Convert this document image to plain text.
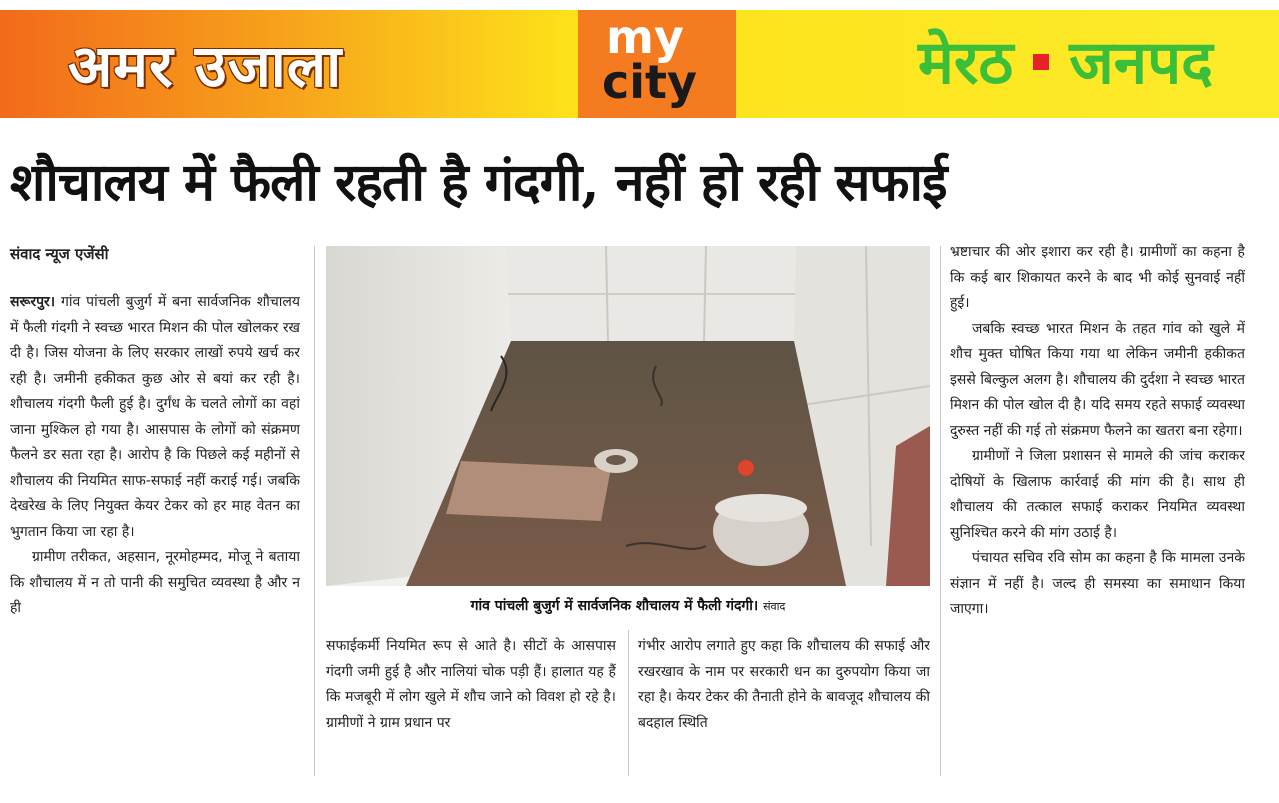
अमर उजाला	my
city	मेरठ जनपद
शौचालय में फैली रहती है गंदगी, नहीं हो रही सफाई
संवाद न्यूज एजेंसी

सरूरपुर। गांव पांचली बुजुर्ग में बना सार्वजनिक शौचालय में फैली गंदगी ने स्वच्छ भारत मिशन की पोल खोलकर रख दी है। जिस योजना के लिए सरकार लाखों रुपये खर्च कर रही है। जमीनी हकीकत कुछ ओर से बयां कर रही है। शौचालय गंदगी फैली हुई है। दुर्गंध के चलते लोगों का वहां जाना मुश्किल हो गया है। आसपास के लोगों को संक्रमण फैलने डर सता रहा है। आरोप है कि पिछले कई महीनों से शौचालय की नियमित साफ-सफाई नहीं कराई गई। जबकि देखरेख के लिए नियुक्त केयर टेकर को हर माह वेतन का भुगतान किया जा रहा है।

ग्रामीण तरीकत, अहसान, नूरमोहम्मद, मोजू ने बताया कि शौचालय में न तो पानी की समुचित व्यवस्था है और न ही	गांव पांचली बुजुर्ग में सार्वजनिक शौचालय में फैली गंदगी। संवाद

सफाईकर्मी नियमित रूप से आते है। सीटों के आसपास गंदगी जमी हुई है और नालियां चोक पड़ी हैं। हालात यह हैं कि मजबूरी में लोग खुले में शौच जाने को विवश हो रहे है। ग्रामीणों ने ग्राम प्रधान पर

गंभीर आरोप लगाते हुए कहा कि शौचालय की सफाई और रखरखाव के नाम पर सरकारी धन का दुरुपयोग किया जा रहा है। केयर टेकर की तैनाती होने के बावजूद शौचालय की बदहाल स्थिति

भ्रष्टाचार की ओर इशारा कर रही है। ग्रामीणों का कहना है कि कई बार शिकायत करने के बाद भी कोई सुनवाई नहीं हुई।

जबकि स्वच्छ भारत मिशन के तहत गांव को खुले में शौच मुक्त घोषित किया गया था लेकिन जमीनी हकीकत इससे बिल्कुल अलग है। शौचालय की दुर्दशा ने स्वच्छ भारत मिशन की पोल खोल दी है। यदि समय रहते सफाई व्यवस्था दुरुस्त नहीं की गई तो संक्रमण फैलने का खतरा बना रहेगा।

ग्रामीणों ने जिला प्रशासन से मामले की जांच कराकर दोषियों के खिलाफ कार्रवाई की मांग की है। साथ ही शौचालय की तत्काल सफाई कराकर नियमित व्यवस्था सुनिश्चित करने की मांग उठाई है।

पंचायत सचिव रवि सोम का कहना है कि मामला उनके संज्ञान में नहीं है। जल्द ही समस्या का समाधान किया जाएगा।
